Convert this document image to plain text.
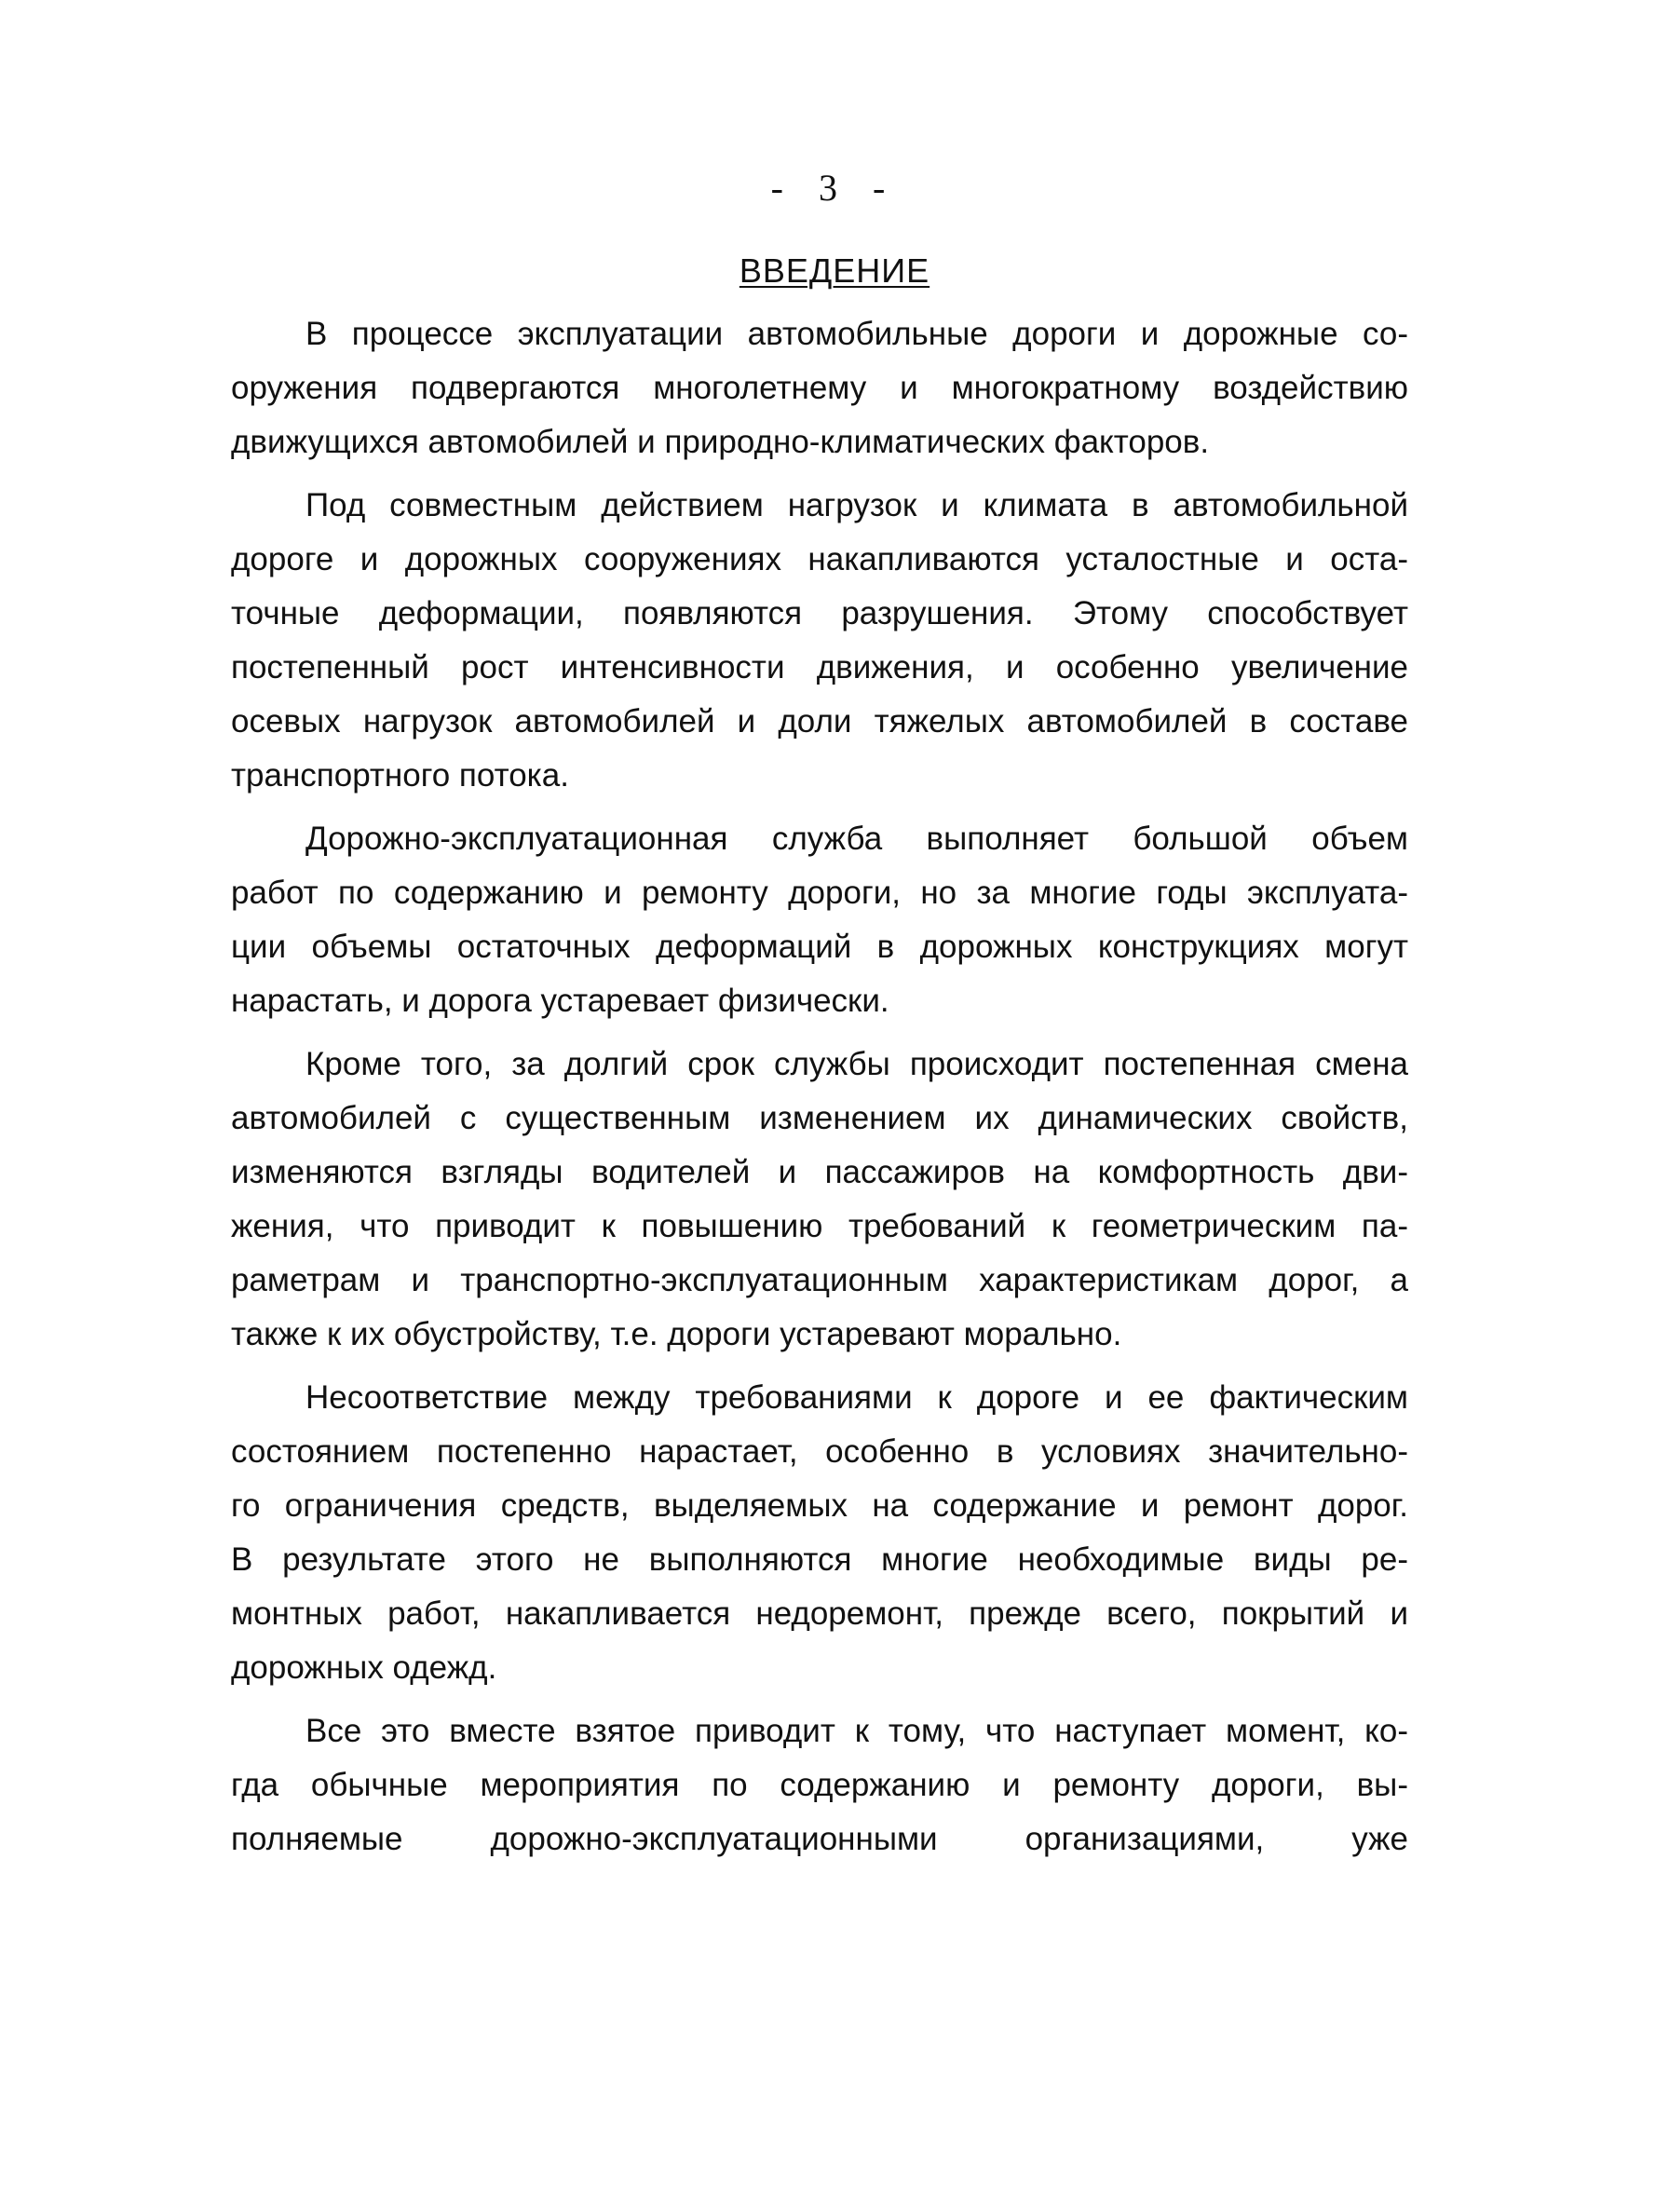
- 3 -
ВВЕДЕНИЕ
В процессе эксплуатации автомобильные дороги и дорожные со-
оружения подвергаются многолетнему и многократному воздействию
движущихся автомобилей и природно-климатических факторов.
Под совместным действием нагрузок и климата в автомобильной
дороге и дорожных сооружениях накапливаются усталостные и оста-
точные деформации, появляются разрушения. Этому способствует
постепенный рост интенсивности движения, и особенно увеличение
осевых нагрузок автомобилей и доли тяжелых автомобилей в составе
транспортного потока.
Дорожно-эксплуатационная служба выполняет большой объем
работ по содержанию и ремонту дороги, но за многие годы эксплуата-
ции объемы остаточных деформаций в дорожных конструкциях могут
нарастать, и дорога устаревает физически.
Кроме того, за долгий срок службы происходит постепенная смена
автомобилей с существенным изменением их динамических свойств,
изменяются взгляды водителей и пассажиров на комфортность дви-
жения, что приводит к повышению требований к геометрическим па-
раметрам и транспортно-эксплуатационным характеристикам дорог, а
также к их обустройству, т.е. дороги устаревают морально.
Несоответствие между требованиями к дороге и ее фактическим
состоянием постепенно нарастает, особенно в условиях значительно-
го ограничения средств, выделяемых на содержание и ремонт дорог.
В результате этого не выполняются многие необходимые виды ре-
монтных работ, накапливается недоремонт, прежде всего, покрытий и
дорожных одежд.
Все это вместе взятое приводит к тому, что наступает момент, ко-
гда обычные мероприятия по содержанию и ремонту дороги, вы-
полняемые дорожно-эксплуатационными организациями, уже
